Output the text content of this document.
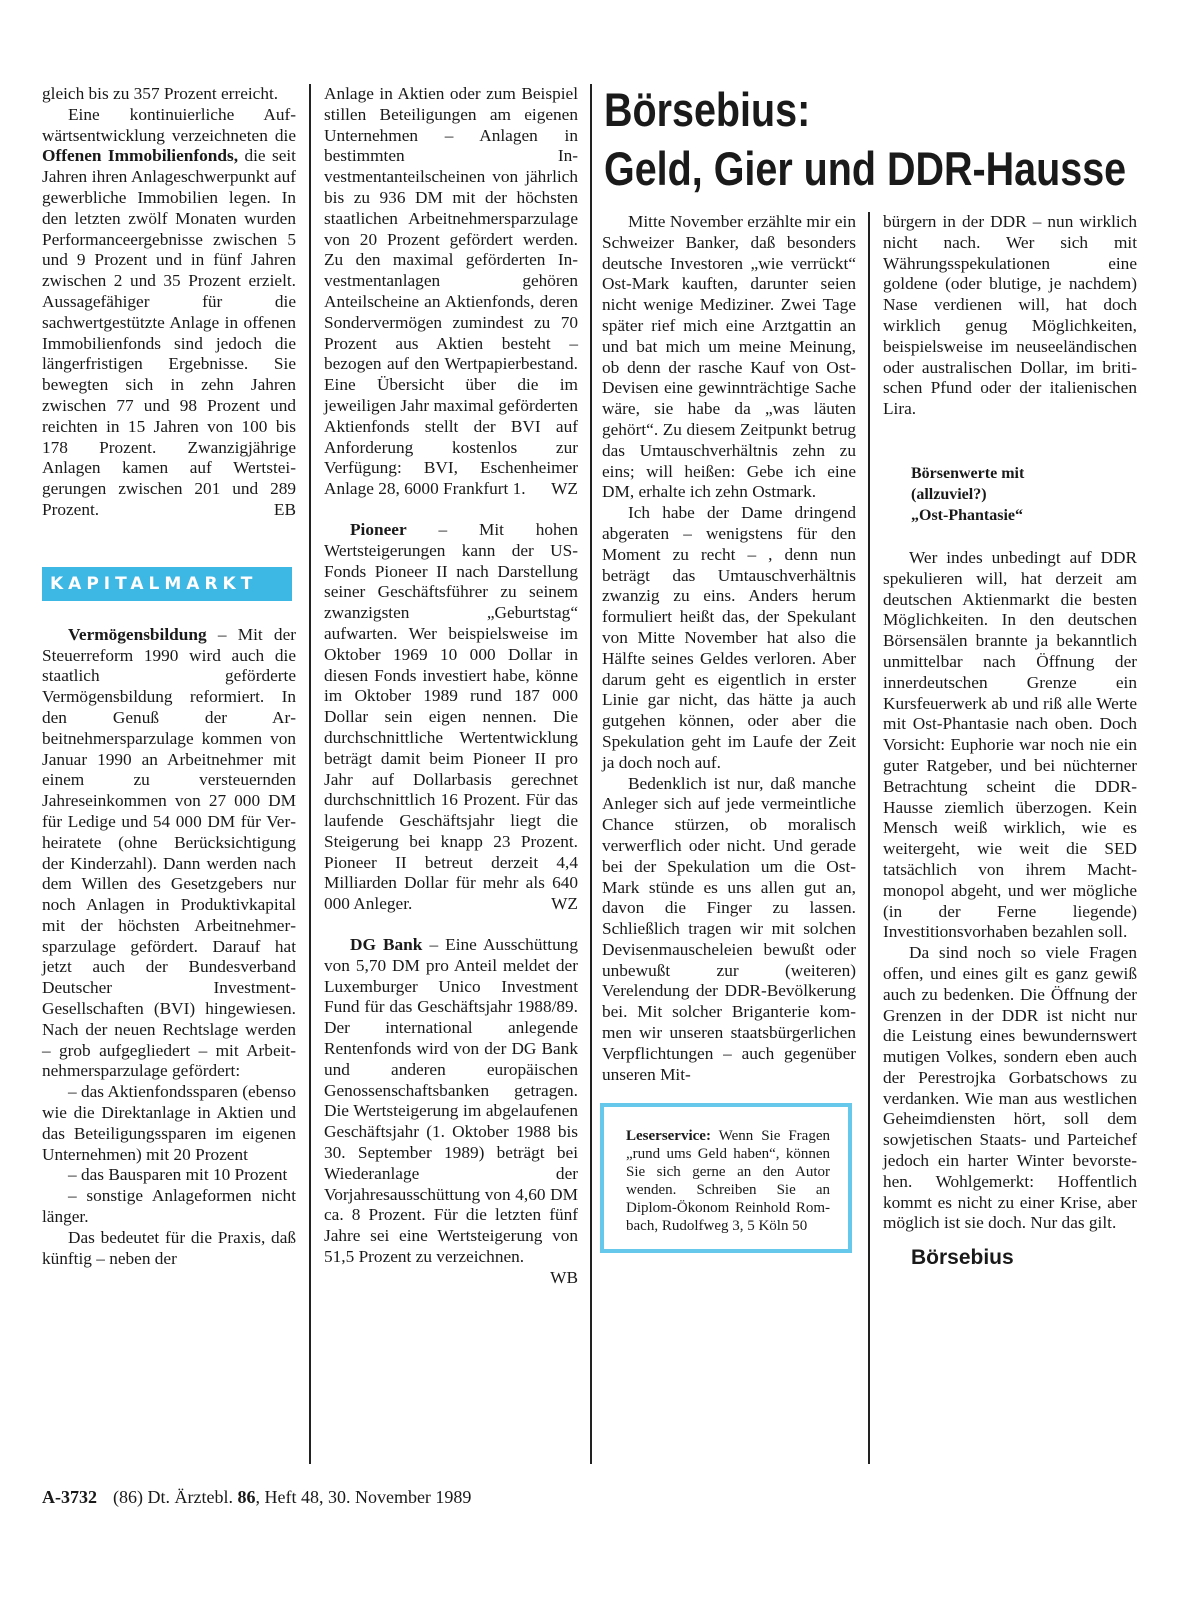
gleich bis zu 357 Prozent erreicht.

Eine kontinuierliche Aufwärtsentwicklung verzeichneten die Offenen Immobilienfonds, die seit Jahren ihren Anlageschwerpunkt auf gewerbliche Immobilien legen. In den letzten zwölf Monaten wurden Performanceergebnisse zwischen 5 und 9 Prozent und in fünf Jahren zwischen 2 und 35 Prozent erzielt. Aussagefähiger für die sachwertgestützte Anlage in offenen Immobilienfonds sind jedoch die längerfristigen Ergebnisse. Sie bewegten sich in zehn Jahren zwischen 77 und 98 Prozent und reichten in 15 Jahren von 100 bis 178 Prozent. Zwanzigjährige Anlagen kamen auf Wertsteigerungen zwischen 201 und 289 Prozent.	EB

KAPITALMARKT

Vermögensbildung – Mit der Steuerreform 1990 wird auch die staatlich geförderte Vermögensbildung reformiert. In den Genuß der Arbeitnehmersparzulage kommen von Januar 1990 an Arbeitnehmer mit einem zu versteuernden Jahreseinkommen von 27 000 DM für Ledige und 54 000 DM für Verheiratete (ohne Berücksichtigung der Kinderzahl). Dann werden nach dem Willen des Gesetzgebers nur noch Anlagen in Produktivkapital mit der höchsten Arbeitnehmersparzulage gefördert. Darauf hat jetzt auch der Bundesverband Deutscher Investment-Gesellschaften (BVI) hingewiesen. Nach der neuen Rechtslage werden – grob aufgegliedert – mit Arbeitnehmersparzulage gefördert:

– das Aktienfondssparen (ebenso wie die Direktanlage in Aktien und das Beteiligungssparen im eigenen Unternehmen) mit 20 Prozent

– das Bausparen mit 10 Prozent

– sonstige Anlageformen nicht länger.

Das bedeutet für die Praxis, daß künftig – neben der

Anlage in Aktien oder zum Beispiel stillen Beteiligungen am eigenen Unternehmen – Anlagen in bestimmten Investmentanteilscheinen von jährlich bis zu 936 DM mit der höchsten staatlichen Arbeitnehmersparzulage von 20 Prozent gefördert werden. Zu den maximal geförderten Investmentanlagen gehören Anteilscheine an Aktienfonds, deren Sondervermögen zumindest zu 70 Prozent aus Aktien besteht – bezogen auf den Wertpapierbestand. Eine Übersicht über die im jeweiligen Jahr maximal geförderten Aktienfonds stellt der BVI auf Anforderung kostenlos zur Verfügung: BVI, Eschenheimer Anlage 28, 6000 Frankfurt 1. WZ

Pioneer – Mit hohen Wertsteigerungen kann der US-Fonds Pioneer II nach Darstellung seiner Geschäftsführer zu seinem zwanzigsten „Geburtstag“ aufwarten. Wer beispielsweise im Oktober 1969 10 000 Dollar in diesen Fonds investiert habe, könne im Oktober 1989 rund 187 000 Dollar sein eigen nennen. Die durchschnittliche Wertentwicklung beträgt damit beim Pioneer II pro Jahr auf Dollarbasis gerechnet durchschnittlich 16 Prozent. Für das laufende Geschäftsjahr liegt die Steigerung bei knapp 23 Prozent. Pioneer II betreut derzeit 4,4 Milliarden Dollar für mehr als 640 000 Anleger.	WZ

DG Bank – Eine Ausschüttung von 5,70 DM pro Anteil meldet der Luxemburger Unico Investment Fund für das Geschäftsjahr 1988/89. Der international anlegende Rentenfonds wird von der DG Bank und anderen europäischen Genossenschaftsbanken getragen. Die Wertsteigerung im abgelaufenen Geschäftsjahr (1. Oktober 1988 bis 30. September 1989) beträgt bei Wiederanlage der Vorjahresausschüttung von 4,60 DM ca. 8 Prozent. Für die letzten fünf Jahre sei eine Wertsteigerung von 51,5 Prozent zu verzeichnen.
WB

Börsebius:
Geld, Gier und DDR-Hausse

Mitte November erzählte mir ein Schweizer Banker, daß besonders deutsche Investoren „wie verrückt“ Ost-Mark kauften, darunter seien nicht wenige Mediziner. Zwei Tage später rief mich eine Arztgattin an und bat mich um meine Meinung, ob denn der rasche Kauf von Ost-Devisen eine gewinnträchtige Sache wäre, sie habe da „was läuten gehört“. Zu diesem Zeitpunkt betrug das Umtauschverhältnis zehn zu eins; will heißen: Gebe ich eine DM, erhalte ich zehn Ostmark.

Ich habe der Dame dringend abgeraten – wenigstens für den Moment zu recht – , denn nun beträgt das Umtauschverhältnis zwanzig zu eins. Anders herum formuliert heißt das, der Spekulant von Mitte November hat also die Hälfte seines Geldes verloren. Aber darum geht es eigentlich in erster Linie gar nicht, das hätte ja auch gutgehen können, oder aber die Spekulation geht im Laufe der Zeit ja doch noch auf.

Bedenklich ist nur, daß manche Anleger sich auf jede vermeintliche Chance stürzen, ob moralisch verwerflich oder nicht. Und gerade bei der Spekulation um die Ost-Mark stünde es uns allen gut an, davon die Finger zu lassen. Schließlich tragen wir mit solchen Devisenmauscheleien bewußt oder unbewußt zur (weiteren) Verelendung der DDR-Bevölkerung bei. Mit solcher Briganterie kommen wir unseren staatsbürgerlichen Verpflichtungen – auch gegenüber unseren Mit-

Leserservice: Wenn Sie Fragen „rund ums Geld haben“, können Sie sich gerne an den Autor wenden. Schreiben Sie an Diplom-Ökonom Reinhold Rombach, Rudolfweg 3, 5 Köln 50

bürgern in der DDR – nun wirklich nicht nach. Wer sich mit Währungsspekulationen eine goldene (oder blutige, je nachdem) Nase verdienen will, hat doch wirklich genug Möglichkeiten, beispielsweise im neuseeländischen oder australischen Dollar, im britischen Pfund oder der italienischen Lira.

Börsenwerte mit
(allzuviel?)
„Ost-Phantasie“

Wer indes unbedingt auf DDR spekulieren will, hat derzeit am deutschen Aktienmarkt die besten Möglichkeiten. In den deutschen Börsensälen brannte ja bekanntlich unmittelbar nach Öffnung der innerdeutschen Grenze ein Kursfeuerwerk ab und riß alle Werte mit Ost-Phantasie nach oben. Doch Vorsicht: Euphorie war noch nie ein guter Ratgeber, und bei nüchterner Betrachtung scheint die DDR-Hausse ziemlich überzogen. Kein Mensch weiß wirklich, wie es weitergeht, wie weit die SED tatsächlich von ihrem Machtmonopol abgeht, und wer mögliche (in der Ferne liegende) Investitionsvorhaben bezahlen soll.

Da sind noch so viele Fragen offen, und eines gilt es ganz gewiß auch zu bedenken. Die Öffnung der Grenzen in der DDR ist nicht nur die Leistung eines bewundernswert mutigen Volkes, sondern eben auch der Perestrojka Gorbatschows zu verdanken. Wie man aus westlichen Geheimdiensten hört, soll dem sowjetischen Staats- und Parteichef jedoch ein harter Winter bevorstehen. Wohlgemerkt: Hoffentlich kommt es nicht zu einer Krise, aber möglich ist sie doch. Nur das gilt.

Börsebius
A-3732 (86) Dt. Ärztebl. 86, Heft 48, 30. November 1989
